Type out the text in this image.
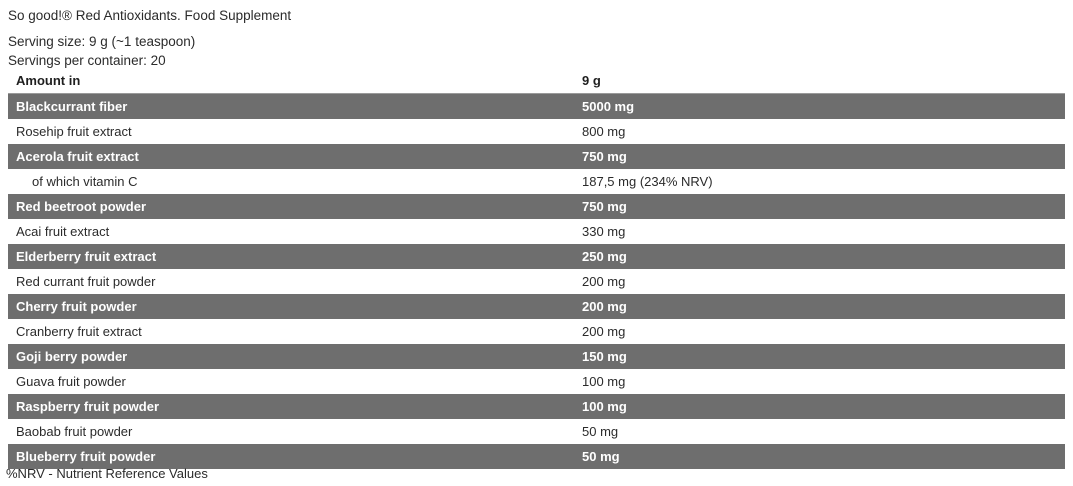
So good!® Red Antioxidants. Food Supplement
Serving size: 9 g (~1 teaspoon)
Servings per container: 20
Amount in	9 g
Blackcurrant fiber	5000 mg
Rosehip fruit extract	800 mg
Acerola fruit extract	750 mg
of which vitamin C	187,5 mg (234% NRV)
Red beetroot powder	750 mg
Acai fruit extract	330 mg
Elderberry fruit extract	250 mg
Red currant fruit powder	200 mg
Cherry fruit powder	200 mg
Cranberry fruit extract	200 mg
Goji berry powder	150 mg
Guava fruit powder	100 mg
Raspberry fruit powder	100 mg
Baobab fruit powder	50 mg
Blueberry fruit powder	50 mg
%NRV - Nutrient Reference Values
